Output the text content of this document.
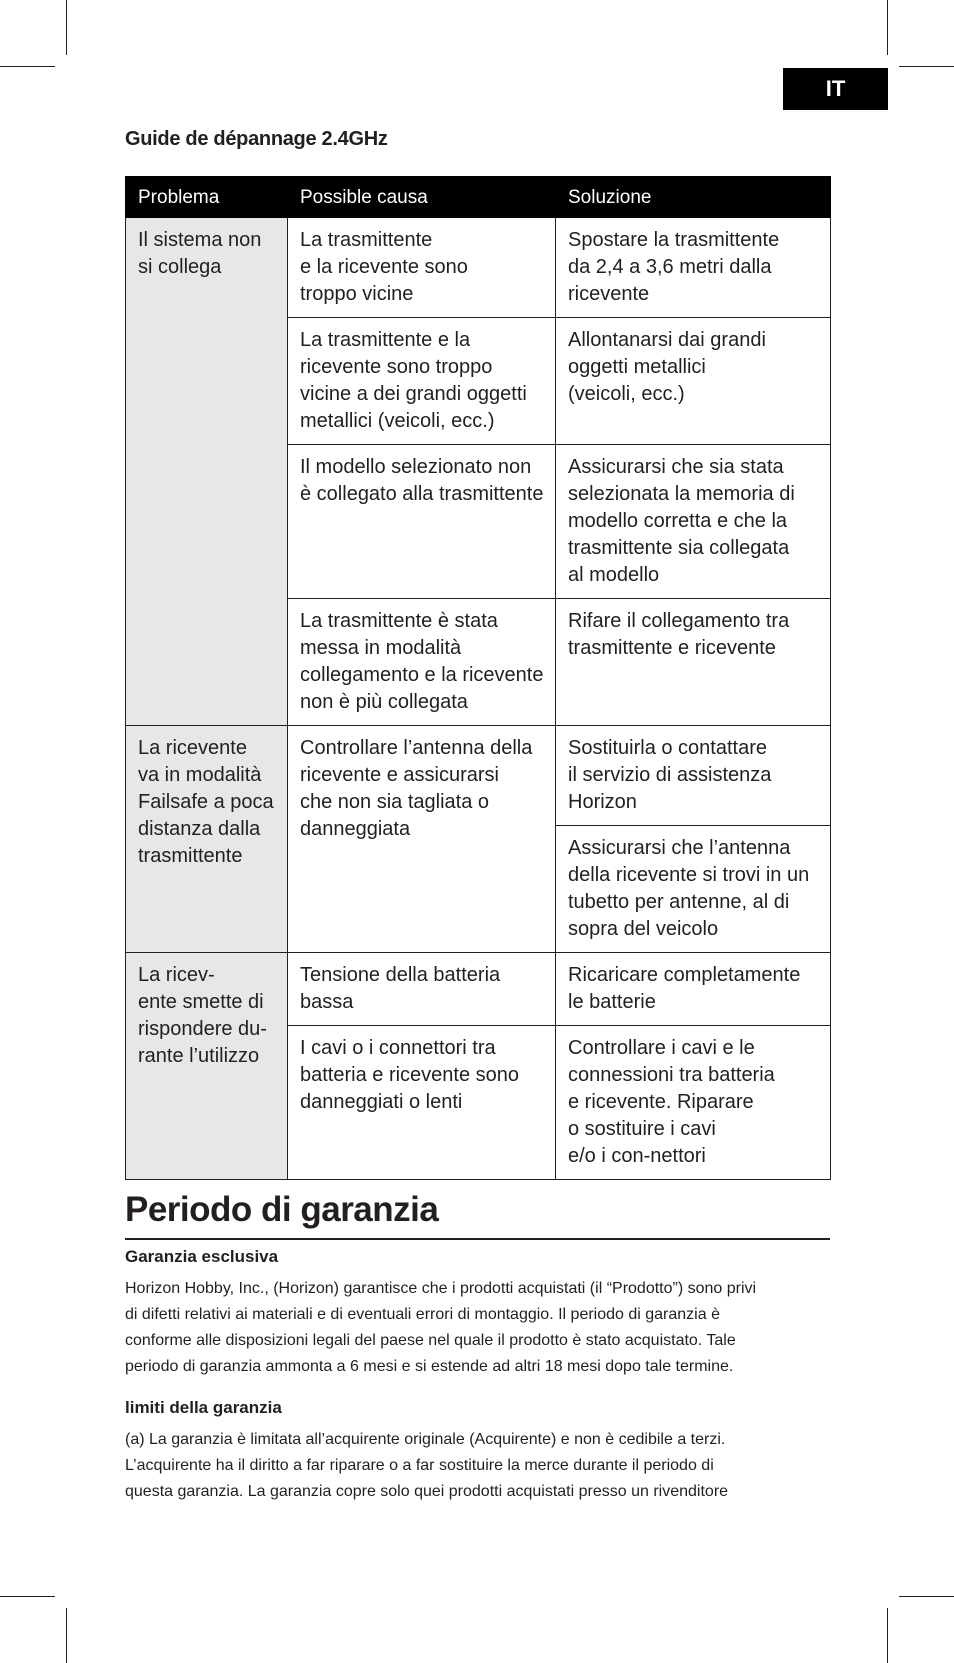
IT
Guide de dépannage 2.4GHz
Problema	Possible causa	Soluzione

Il sistema non
si collega	La trasmittente
e la ricevente sono
troppo vicine	Spostare la trasmittente
da 2,4 a 3,6 metri dalla
ricevente

	La trasmittente e la
ricevente sono troppo
vicine a dei grandi oggetti
metallici (veicoli, ecc.)	Allontanarsi dai grandi
oggetti metallici
(veicoli, ecc.)

	Il modello selezionato non
è collegato alla trasmittente	Assicurarsi che sia stata
selezionata la memoria di
modello corretta e che la
trasmittente sia collegata
al modello

	La trasmittente è stata
messa in modalità
collegamento e la ricevente
non è più collegata	Rifare il collegamento tra
trasmittente e ricevente

La ricevente
va in modalità
Failsafe a poca
distanza dalla
trasmittente	Controllare l’antenna della
ricevente e assicurarsi
che non sia tagliata o
danneggiata	Sostituirla o contattare
il servizio di assistenza
Horizon

		Assicurarsi che l’antenna
della ricevente si trovi in un
tubetto per antenne, al di
sopra del veicolo

La ricev-
ente smette di
rispondere du-
rante l’utilizzo	Tensione della batteria
bassa	Ricaricare completamente
le batterie

	I cavi o i connettori tra
batteria e ricevente sono
danneggiati o lenti	Controllare i cavi e le
connessioni tra batteria
e ricevente. Riparare
o sostituire i cavi
e/o i con-nettori
Periodo di garanzia
Garanzia esclusiva
Horizon Hobby, Inc., (Horizon) garantisce che i prodotti acquistati (il “Prodotto”) sono privi
di difetti relativi ai materiali e di eventuali errori di montaggio. Il periodo di garanzia è
conforme alle disposizioni legali del paese nel quale il prodotto è stato acquistato. Tale
periodo di garanzia ammonta a 6 mesi e si estende ad altri 18 mesi dopo tale termine.
limiti della garanzia
(a) La garanzia è limitata all’acquirente originale (Acquirente) e non è cedibile a terzi.
L’acquirente ha il diritto a far riparare o a far sostituire la merce durante il periodo di
questa garanzia. La garanzia copre solo quei prodotti acquistati presso un rivenditore
